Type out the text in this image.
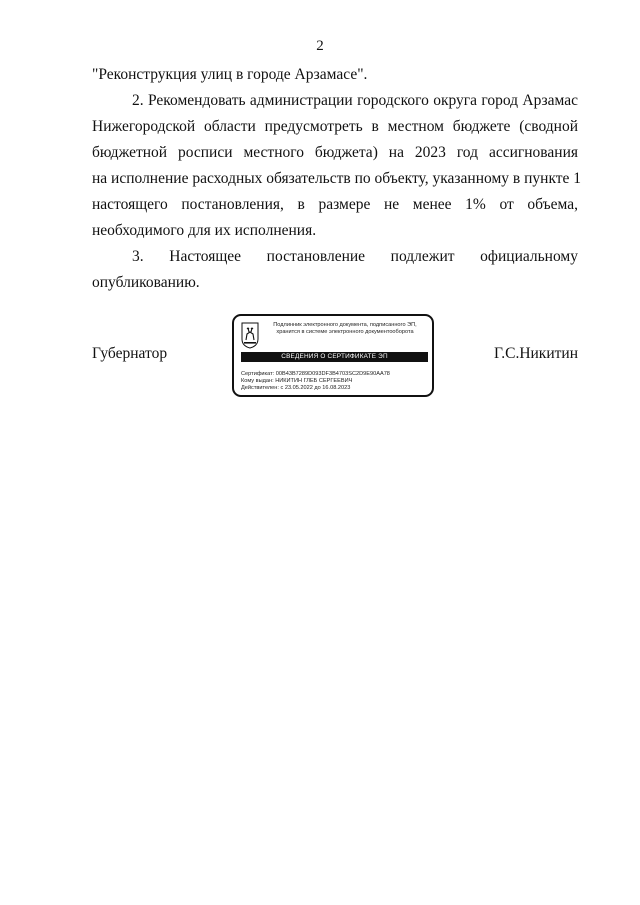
2
"Реконструкция улиц в городе Арзамасе".
2. Рекомендовать администрации городского округа город Арзамас
Нижегородской области предусмотреть в местном бюджете (сводной
бюджетной росписи местного бюджета) на 2023 год ассигнования
на исполнение расходных обязательств по объекту, указанному в пункте 1
настоящего постановления, в размере не менее 1% от объема,
необходимого для их исполнения.
3. Настоящее постановление подлежит официальному
опубликованию.
Губернатор	Г.С.Никитин
Подлинник электронного документа, подписанного ЭП,
хранится в системе электронного документооборота
СВЕДЕНИЯ О СЕРТИФИКАТЕ ЭП
Сертификат: 00B43B7289D093DF3B4703SC2D9E90AA78
Кому выдан: НИКИТИН ГЛЕБ СЕРГЕЕВИЧ
Действителен: с 23.05.2022 до 16.08.2023
